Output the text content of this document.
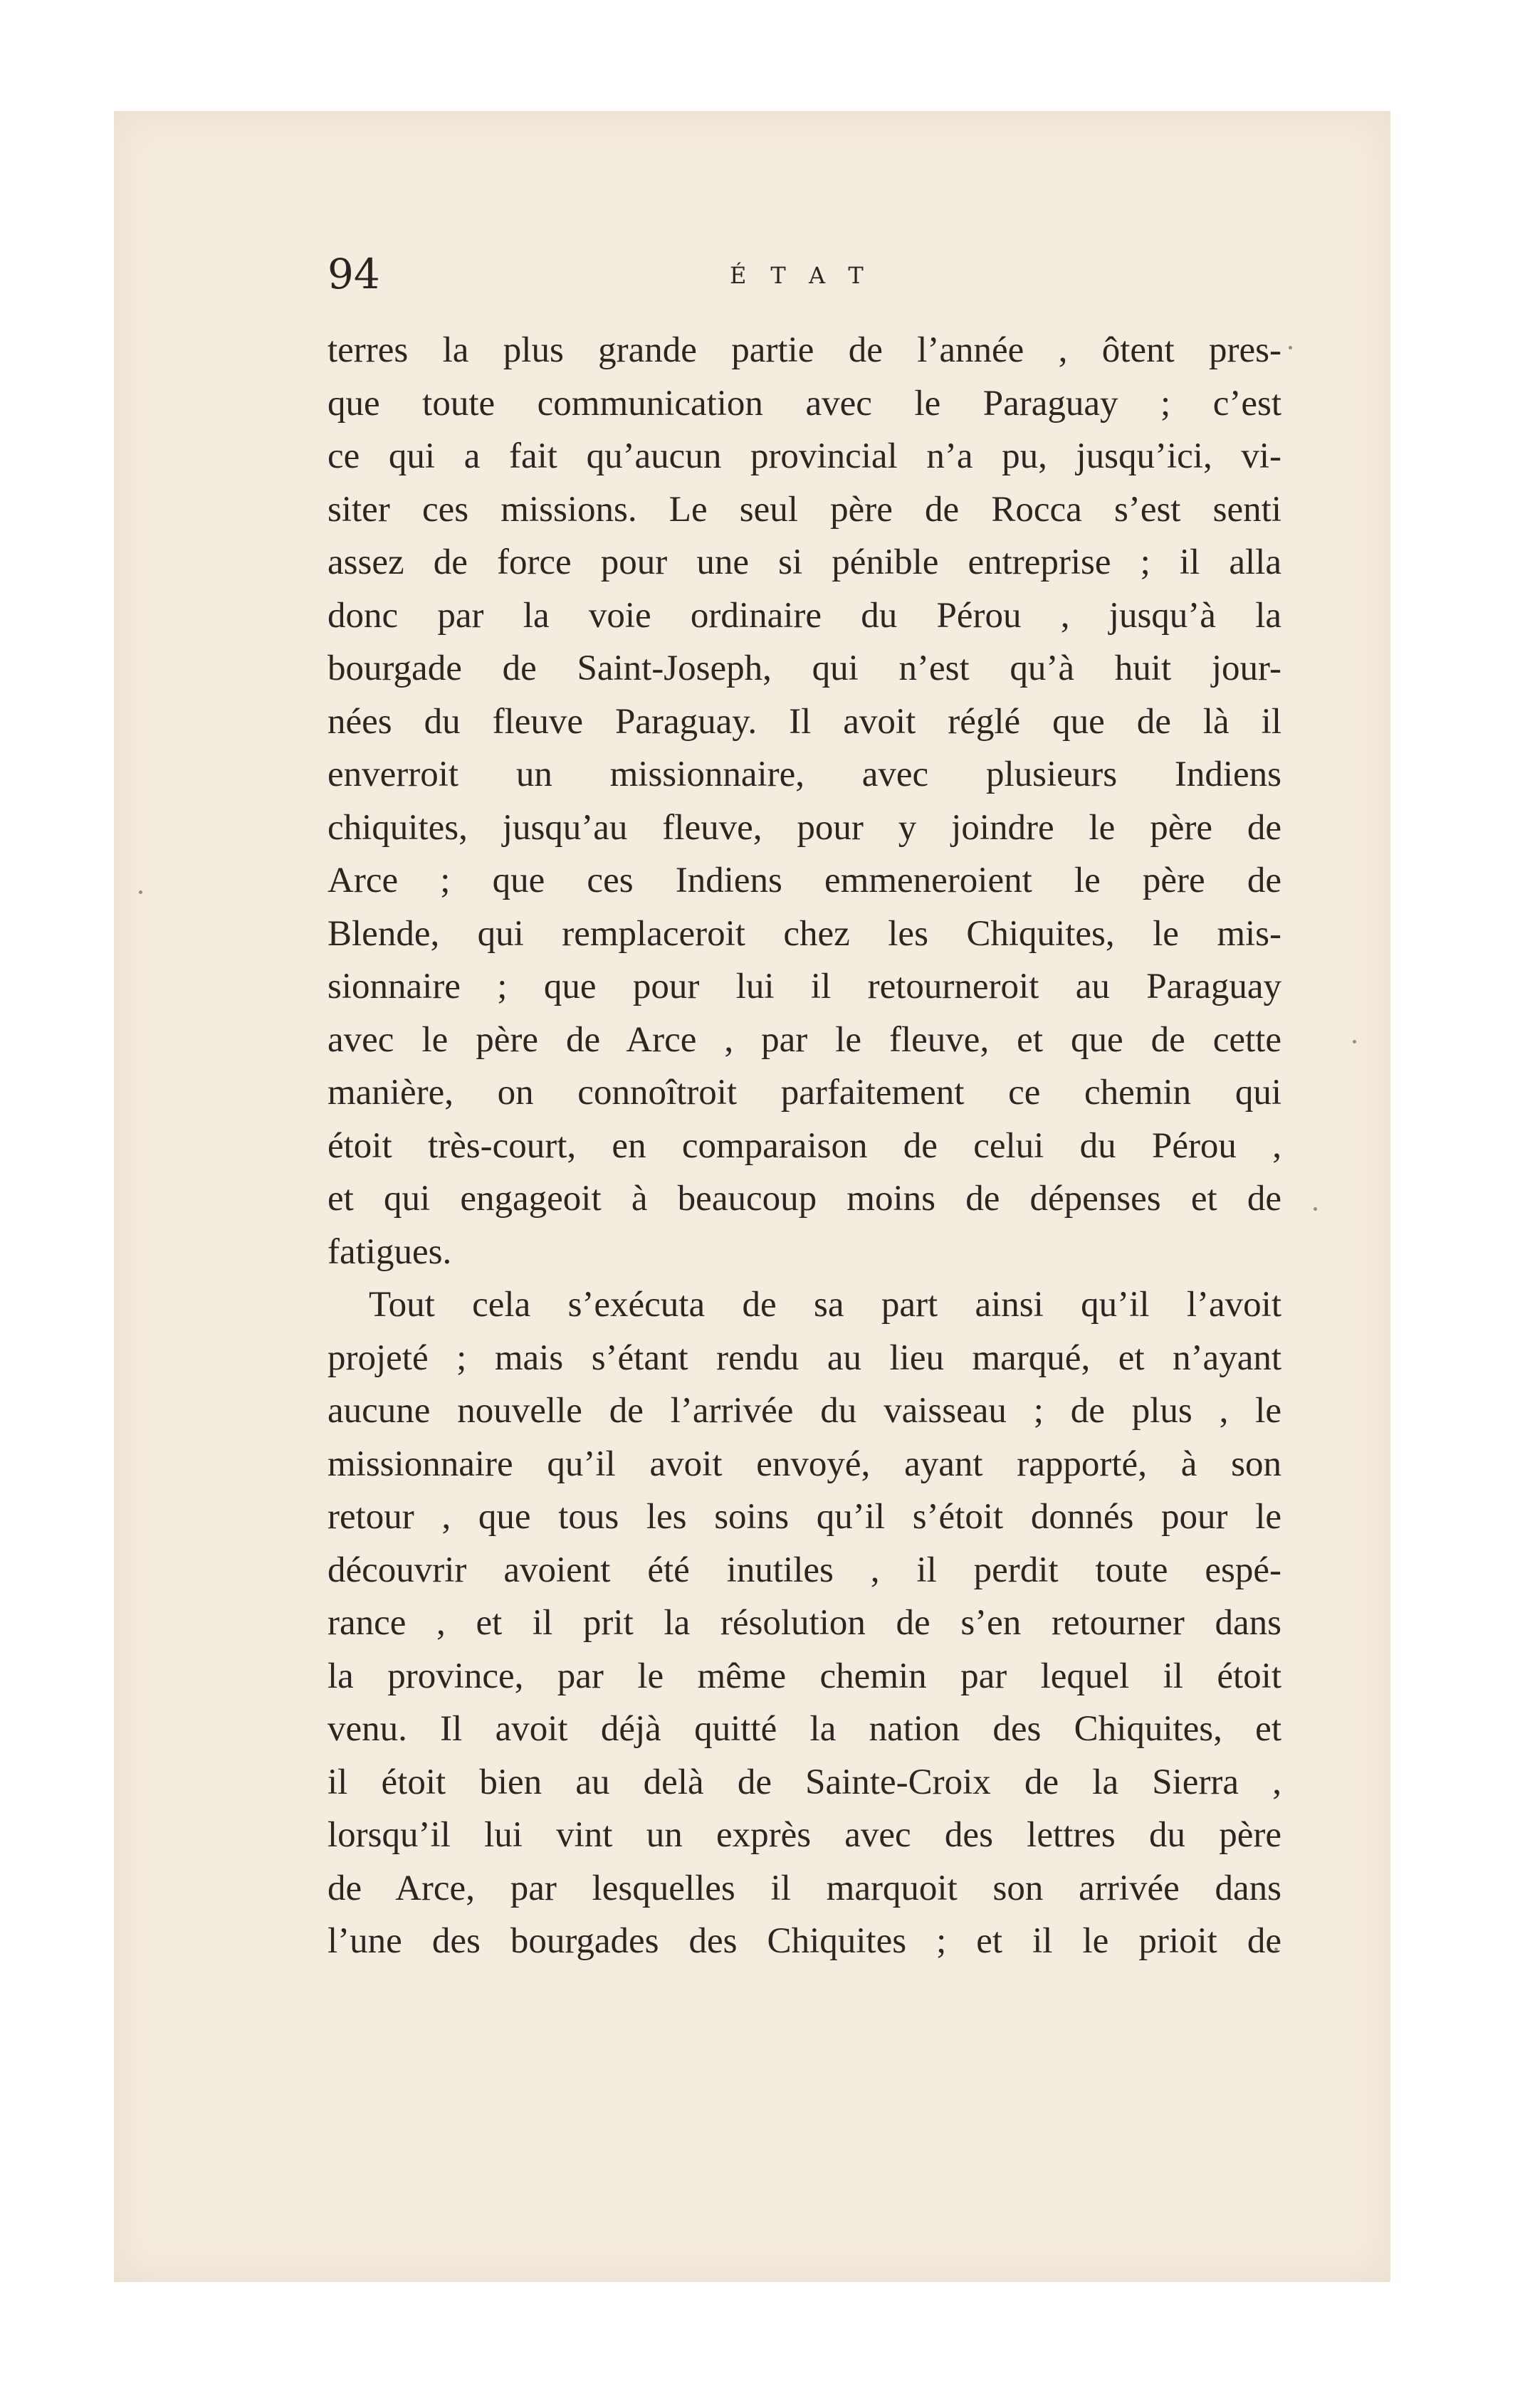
94	ÉTAT
terres la plus grande partie de l’année , ôtent pres-
que toute communication avec le Paraguay ; c’est
ce qui a fait qu’aucun provincial n’a pu, jusqu’ici, vi-
siter ces missions. Le seul père de Rocca s’est senti
assez de force pour une si pénible entreprise ; il alla
donc par la voie ordinaire du Pérou , jusqu’à la
bourgade de Saint-Joseph, qui n’est qu’à huit jour-
nées du fleuve Paraguay. Il avoit réglé que de là il
enverroit un missionnaire, avec plusieurs Indiens
chiquites, jusqu’au fleuve, pour y joindre le père de
Arce ; que ces Indiens emmeneroient le père de
Blende, qui remplaceroit chez les Chiquites, le mis-
sionnaire ; que pour lui il retourneroit au Paraguay
avec le père de Arce , par le fleuve, et que de cette
manière, on connoîtroit parfaitement ce chemin qui
étoit très-court, en comparaison de celui du Pérou ,
et qui engageoit à beaucoup moins de dépenses et de
fatigues.
Tout cela s’exécuta de sa part ainsi qu’il l’avoit
projeté ; mais s’étant rendu au lieu marqué, et n’ayant
aucune nouvelle de l’arrivée du vaisseau ; de plus , le
missionnaire qu’il avoit envoyé, ayant rapporté, à son
retour , que tous les soins qu’il s’étoit donnés pour le
découvrir avoient été inutiles , il perdit toute espé-
rance , et il prit la résolution de s’en retourner dans
la province, par le même chemin par lequel il étoit
venu. Il avoit déjà quitté la nation des Chiquites, et
il étoit bien au delà de Sainte-Croix de la Sierra ,
lorsqu’il lui vint un exprès avec des lettres du père
de Arce, par lesquelles il marquoit son arrivée dans
l’une des bourgades des Chiquites ; et il le prioit de
